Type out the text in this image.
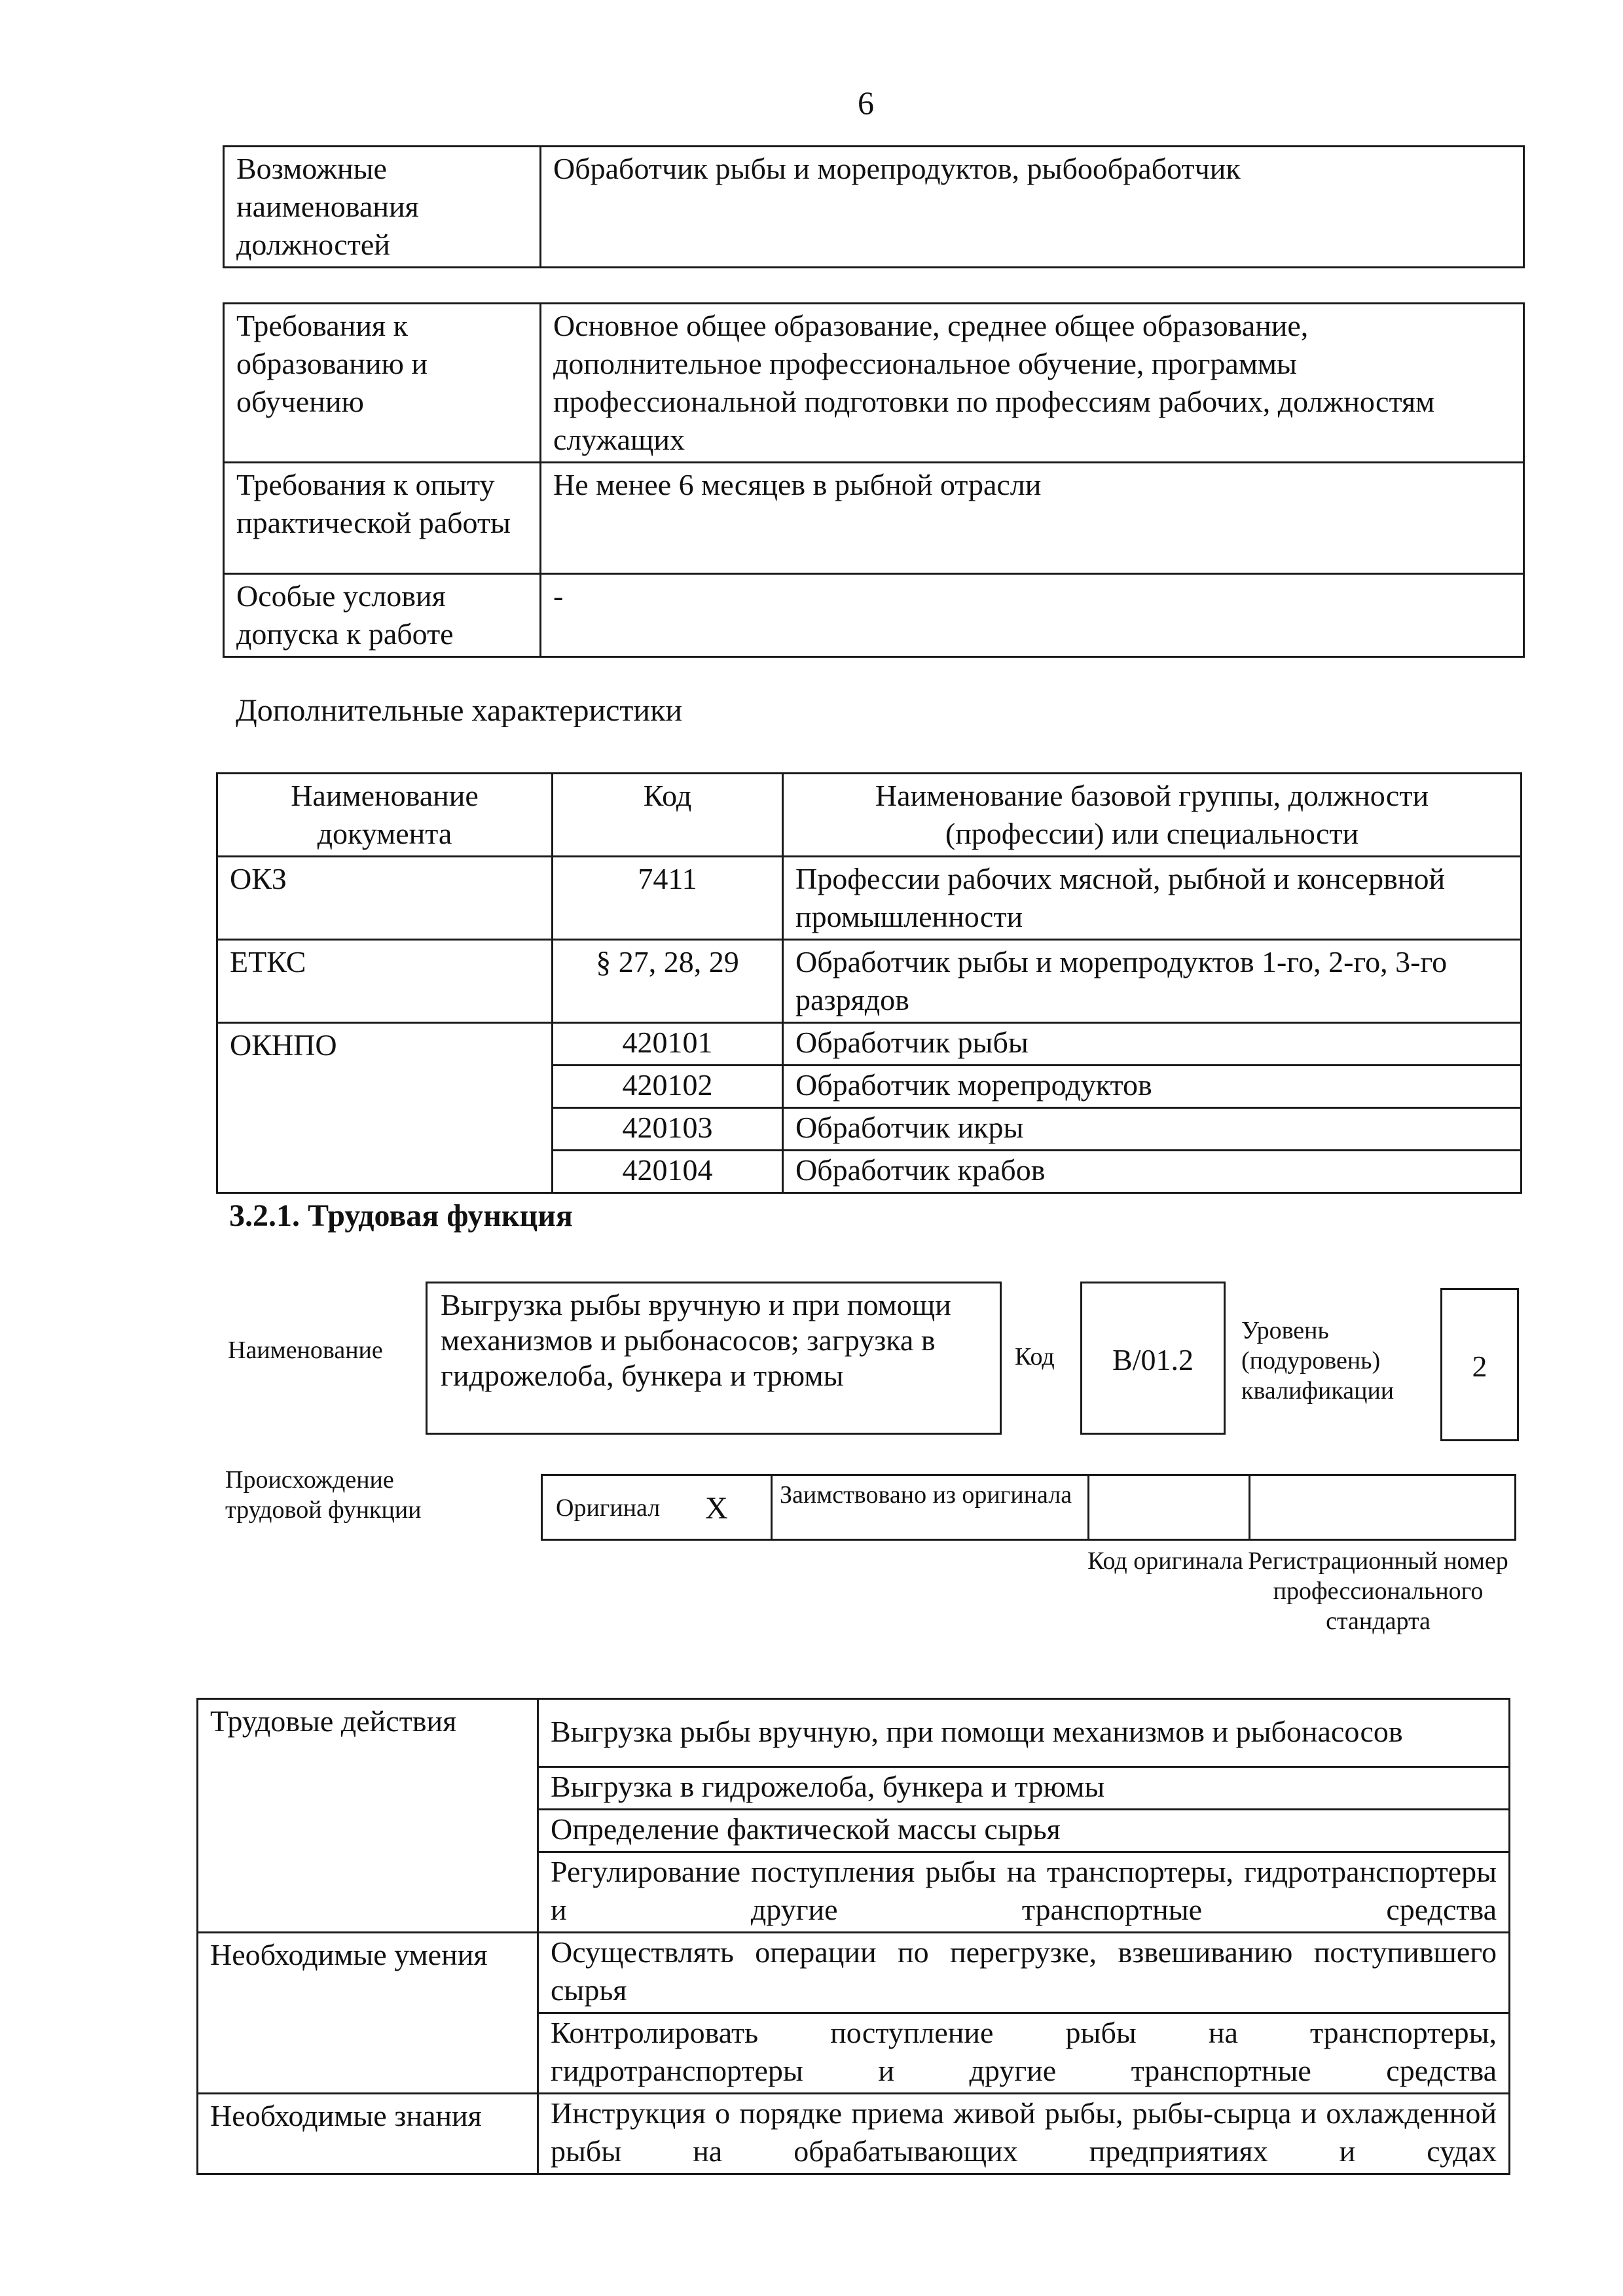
6
Возможные наименования должностей	Обработчик рыбы и морепродуктов, рыбообработчик
Требования к образованию и обучению	Основное общее образование, среднее общее образование, дополнительное профессиональное обучение, программы профессиональной подготовки по профессиям рабочих, должностям служащих
Требования к опыту практической работы	Не менее 6 месяцев в рыбной отрасли
Особые условия допуска к работе	-
Дополнительные характеристики
Наименование документа	Код	Наименование базовой группы, должности (профессии) или специальности
ОКЗ	7411	Профессии рабочих мясной, рыбной и консервной промышленности
ЕТКС	§ 27, 28, 29	Обработчик рыбы и морепродуктов 1-го, 2-го, 3-го разрядов
ОКНПО	420101	Обработчик рыбы
	420102	Обработчик морепродуктов
	420103	Обработчик икры
	420104	Обработчик крабов
3.2.1. Трудовая функция
Наименование
Выгрузка рыбы вручную и при помощи механизмов и рыбонасосов; загрузка в гидрожелоба, бункера и трюмы
Код	B/01.2
Уровень (подуровень) квалификации
2
Происхождение трудовой функции	Оригинал X Заимствовано из оригинала
Код оригинала Регистрационный номер профессионального стандарта
Трудовые действия	Выгрузка рыбы вручную, при помощи механизмов и рыбонасосов
	Выгрузка в гидрожелоба, бункера и трюмы
	Определение фактической массы сырья
	Регулирование поступления рыбы на транспортеры, гидротранспортеры и другие транспортные средства
Необходимые умения	Осуществлять операции по перегрузке, взвешиванию поступившего сырья
	Контролировать поступление рыбы на транспортеры, гидротранспортеры и другие транспортные средства
Необходимые знания	Инструкция о порядке приема живой рыбы, рыбы-сырца и охлажденной рыбы на обрабатывающих предприятиях и судах
